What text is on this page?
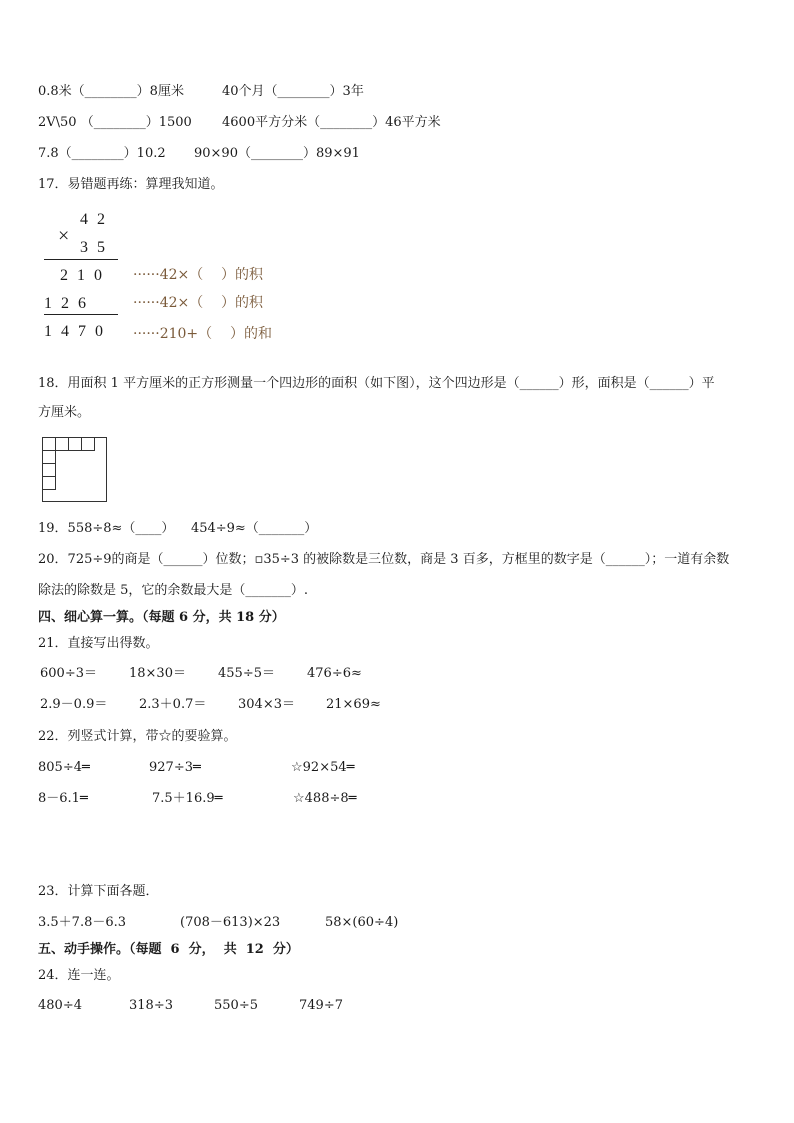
0.8米（________）8厘米	40个月（________）3年
2V\50 （________）1500 4600平方分米（________）46平方米
7.8（________）10.2 90×90（________）89×91
17．易错题再练：算理我知道。
×
42
35
210
126
1470
······42×（    ）的积
······42×（    ）的积
······210+（    ）的和
18．用面积 1 平方厘米的正方形测量一个四边形的面积（如下图），这个四边形是（______）形，面积是（______）平
方厘米。
19．558÷8≈（____）    454÷9≈（_______）
20．725÷9的商是（______）位数；▫35÷3 的被除数是三位数，商是 3 百多，方框里的数字是（______）；一道有余数
除法的除数是 5，它的余数最大是（_______）.
四、细心算一算。（每题 6 分，共 18 分）
21．直接写出得数。
600÷3＝ 18×30＝ 455÷5＝ 476÷6≈
2.9－0.9＝ 2.3＋0.7＝ 304×3＝ 21×69≈
22．列竖式计算，带☆的要验算。
805÷4═	927÷3═	☆92×54═
8－6.1═	7.5＋16.9═	☆488÷8═
23．计算下面各题．
3.5＋7.8－6.3	(708－613)×23	58×(60÷4)
五、动手操作。（每题  6  分，  共  12  分）
24．连一连。
480÷4	318÷3	550÷5	749÷7
